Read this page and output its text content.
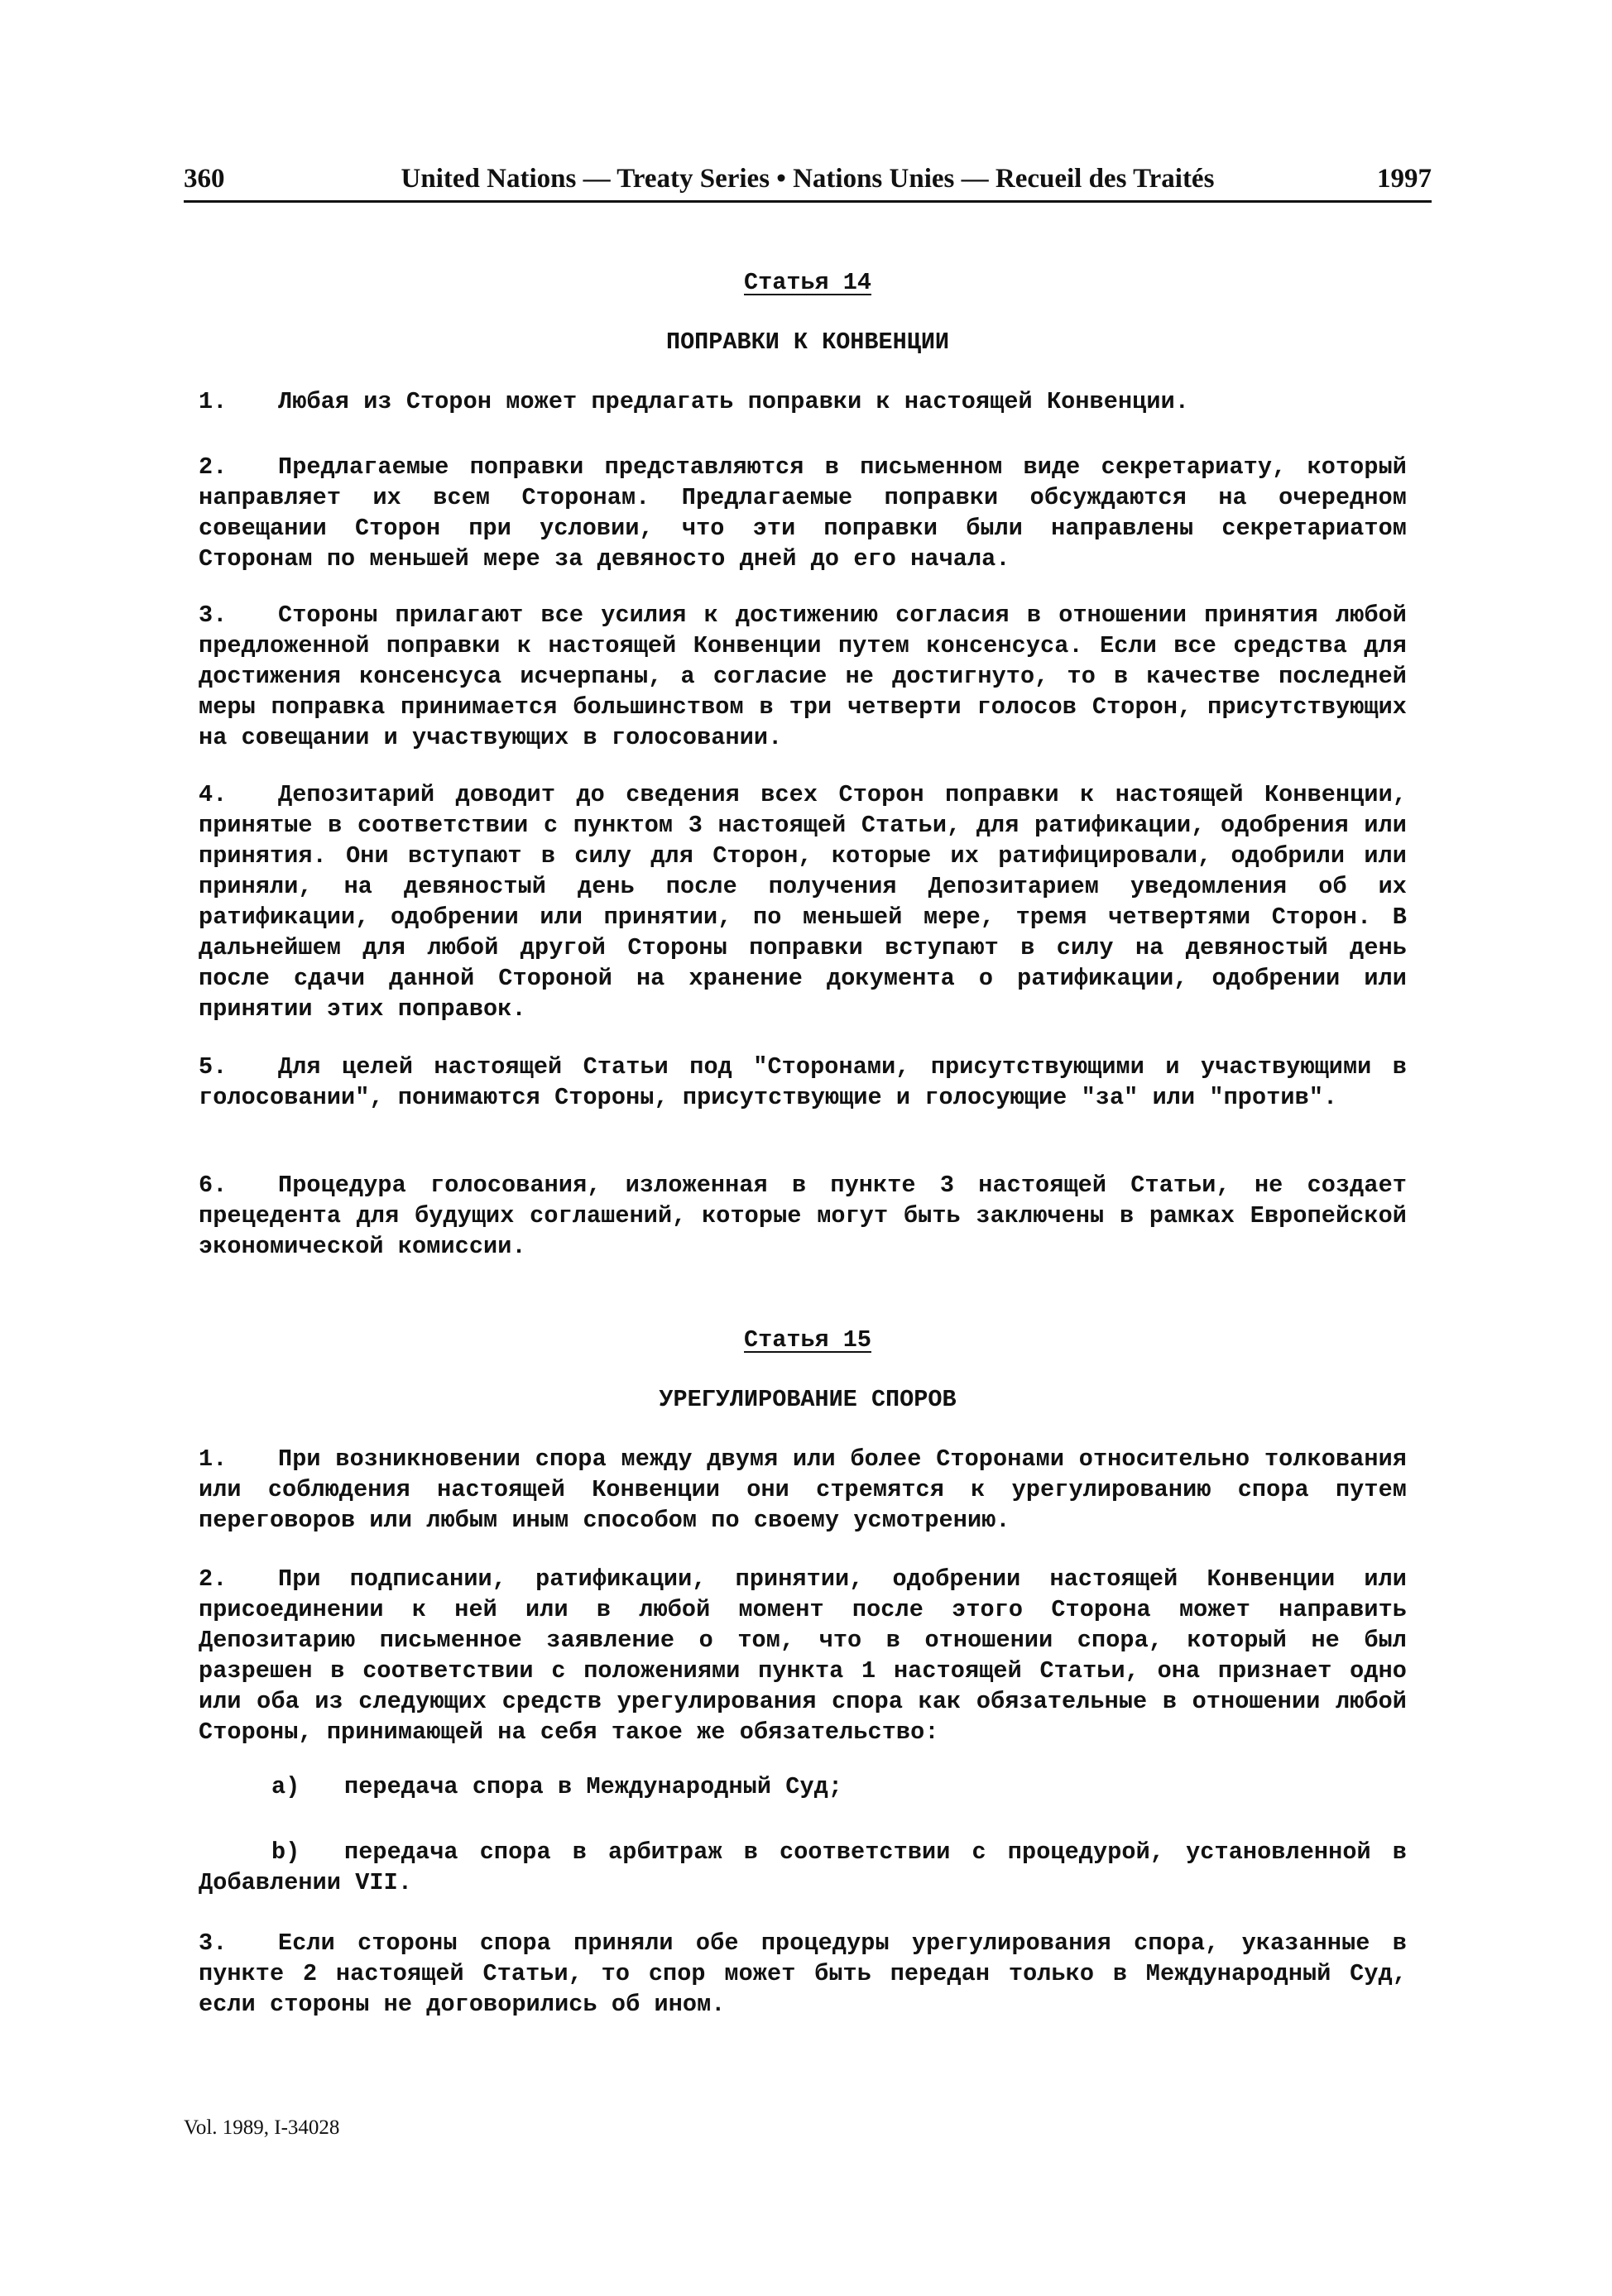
360	United Nations — Treaty Series • Nations Unies — Recueil des Traités	1997
Статья 14
ПОПРАВКИ К КОНВЕНЦИИ

1. Любая из Сторон может предлагать поправки к настоящей Конвенции.

2. Предлагаемые поправки представляются в письменном виде секретариату, который направляет их всем Сторонам. Предлагаемые поправки обсуждаются на очередном совещании Сторон при условии, что эти поправки были направлены секретариатом Сторонам по меньшей мере за девяносто дней до его начала.

3. Стороны прилагают все усилия к достижению согласия в отношении принятия любой предложенной поправки к настоящей Конвенции путем консенсуса. Если все средства для достижения консенсуса исчерпаны, а согласие не достигнуто, то в качестве последней меры поправка принимается большинством в три четверти голосов Сторон, присутствующих на совещании и участвующих в голосовании.

4. Депозитарий доводит до сведения всех Сторон поправки к настоящей Конвенции, принятые в соответствии с пунктом 3 настоящей Статьи, для ратификации, одобрения или принятия. Они вступают в силу для Сторон, которые их ратифицировали, одобрили или приняли, на девяностый день после получения Депозитарием уведомления об их ратификации, одобрении или принятии, по меньшей мере, тремя четвертями Сторон. В дальнейшем для любой другой Стороны поправки вступают в силу на девяностый день после сдачи данной Стороной на хранение документа о ратификации, одобрении или принятии этих поправок.

5. Для целей настоящей Статьи под "Сторонами, присутствующими и участвующими в голосовании", понимаются Стороны, присутствующие и голосующие "за" или "против".

6. Процедура голосования, изложенная в пункте 3 настоящей Статьи, не создает прецедента для будущих соглашений, которые могут быть заключены в рамках Европейской экономической комиссии.

Статья 15
УРЕГУЛИРОВАНИЕ СПОРОВ

1. При возникновении спора между двумя или более Сторонами относительно толкования или соблюдения настоящей Конвенции они стремятся к урегулированию спора путем переговоров или любым иным способом по своему усмотрению.

2. При подписании, ратификации, принятии, одобрении настоящей Конвенции или присоединении к ней или в любой момент после этого Сторона может направить Депозитарию письменное заявление о том, что в отношении спора, который не был разрешен в соответствии с положениями пункта 1 настоящей Статьи, она признает одно или оба из следующих средств урегулирования спора как обязательные в отношении любой Стороны, принимающей на себя такое же обязательство:

a) передача спора в Международный Суд;

b) передача спора в арбитраж в соответствии с процедурой, установленной в Добавлении VII.

3. Если стороны спора приняли обе процедуры урегулирования спора, указанные в пункте 2 настоящей Статьи, то спор может быть передан только в Международный Суд, если стороны не договорились об ином.

Vol. 1989, I-34028
